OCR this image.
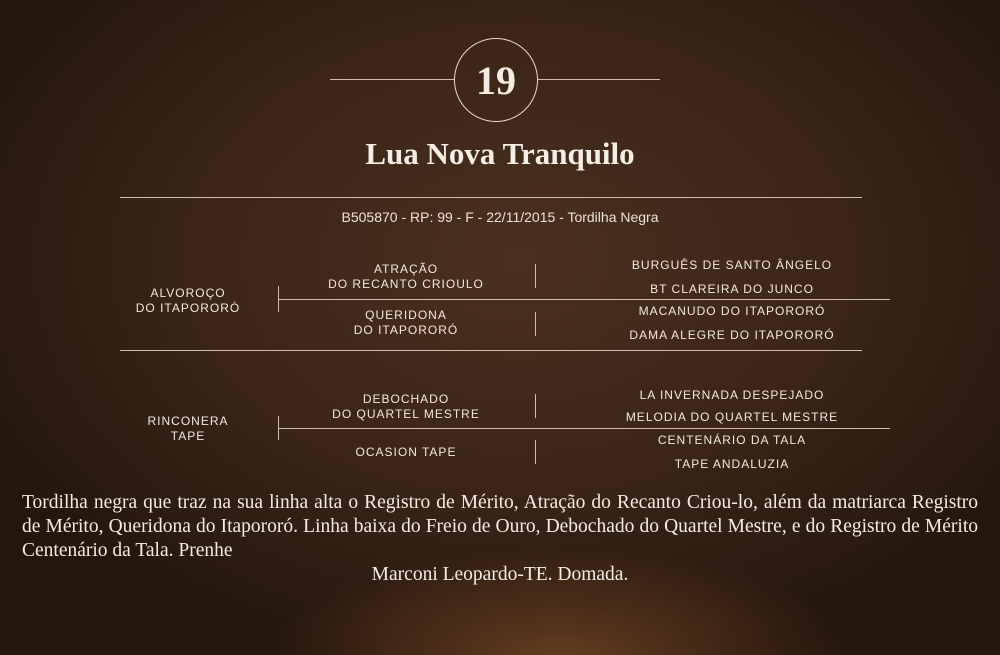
19
Lua Nova Tranquilo
B505870 - RP: 99 - F - 22/11/2015 - Tordilha Negra
ALVOROÇO
DO ITAPORORÓ
ATRAÇÃO
DO RECANTO CRIOULO
QUERIDONA
DO ITAPORORÓ
BURGUÊS DE SANTO ÂNGELO
BT CLAREIRA DO JUNCO
MACANUDO DO ITAPORORÓ
DAMA ALEGRE DO ITAPORORÓ
RINCONERA
TAPE
DEBOCHADO
DO QUARTEL MESTRE
OCASION TAPE
LA INVERNADA DESPEJADO
MELODIA DO QUARTEL MESTRE
CENTENÁRIO DA TALA
TAPE ANDALUZIA
Tordilha negra que traz na sua linha alta o Registro de Mérito, Atração do Recanto Criou-lo, além da matriarca Registro de Mérito, Queridona do Itapororó. Linha baixa do Freio de Ouro, Debochado do Quartel Mestre, e do Registro de Mérito Centenário da Tala. Prenhe
Marconi Leopardo-TE. Domada.
